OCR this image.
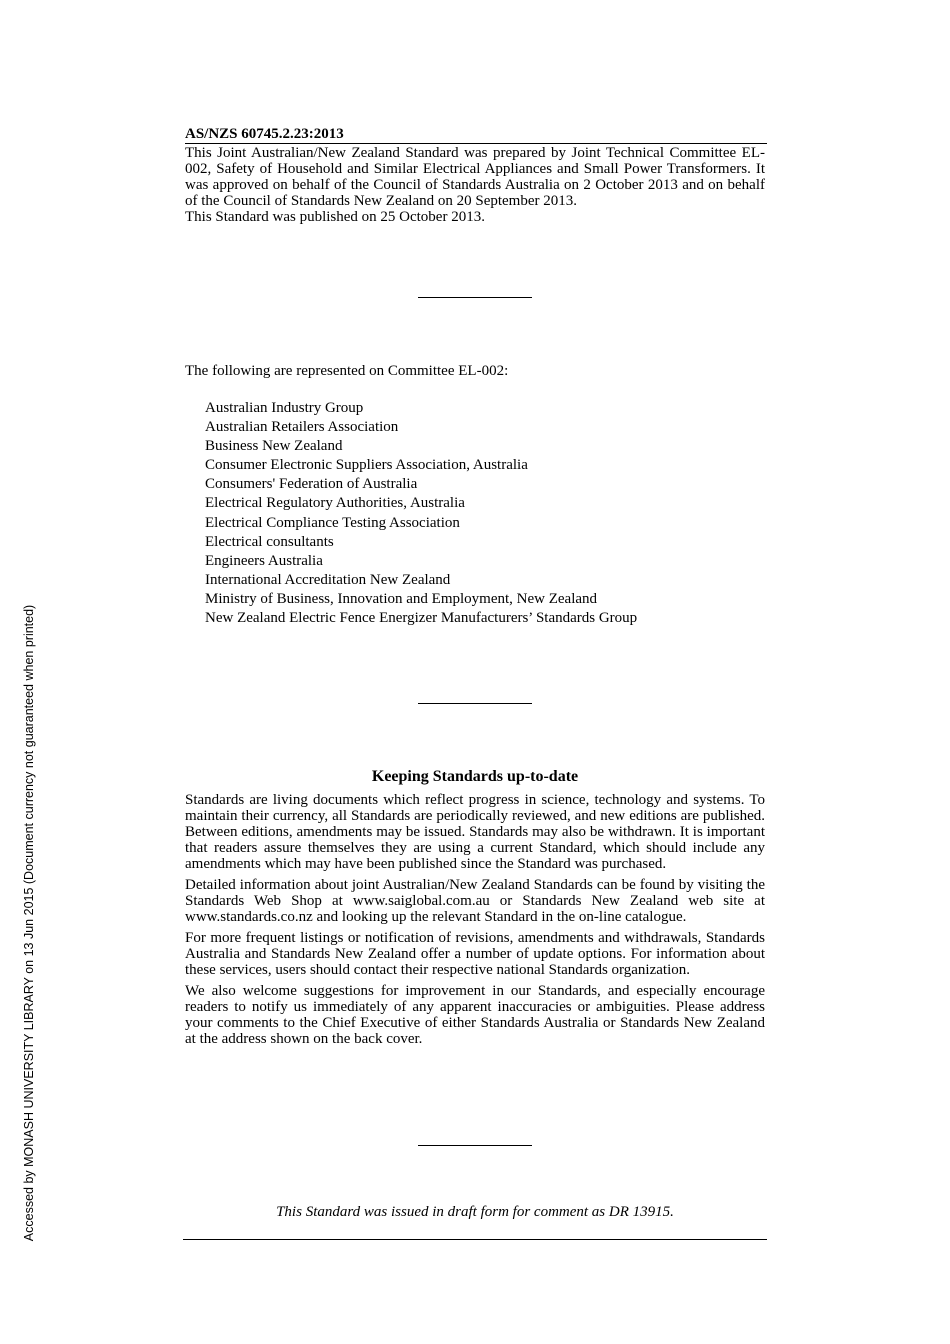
AS/NZS 60745.2.23:2013

This Joint Australian/New Zealand Standard was prepared by Joint Technical Committee EL-002, Safety of Household and Similar Electrical Appliances and Small Power Transformers. It was approved on behalf of the Council of Standards Australia on 2 October 2013 and on behalf of the Council of Standards New Zealand on 20 September 2013.

This Standard was published on 25 October 2013.

The following are represented on Committee EL-002:
Australian Industry Group
Australian Retailers Association
Business New Zealand
Consumer Electronic Suppliers Association, Australia
Consumers' Federation of Australia
Electrical Regulatory Authorities, Australia
Electrical Compliance Testing Association
Electrical consultants
Engineers Australia
International Accreditation New Zealand
Ministry of Business, Innovation and Employment, New Zealand
New Zealand Electric Fence Energizer Manufacturers’ Standards Group
Keeping Standards up-to-date

Standards are living documents which reflect progress in science, technology and systems. To maintain their currency, all Standards are periodically reviewed, and new editions are published. Between editions, amendments may be issued. Standards may also be withdrawn. It is important that readers assure themselves they are using a current Standard, which should include any amendments which may have been published since the Standard was purchased.

Detailed information about joint Australian/New Zealand Standards can be found by visiting the Standards Web Shop at www.saiglobal.com.au or Standards New Zealand web site at www.standards.co.nz and looking up the relevant Standard in the on-line catalogue.

For more frequent listings or notification of revisions, amendments and withdrawals, Standards Australia and Standards New Zealand offer a number of update options. For information about these services, users should contact their respective national Standards organization.

We also welcome suggestions for improvement in our Standards, and especially encourage readers to notify us immediately of any apparent inaccuracies or ambiguities. Please address your comments to the Chief Executive of either Standards Australia or Standards New Zealand at the address shown on the back cover.

This Standard was issued in draft form for comment as DR 13915.
Accessed by MONASH UNIVERSITY LIBRARY on 13 Jun 2015 (Document currency not guaranteed when printed)
